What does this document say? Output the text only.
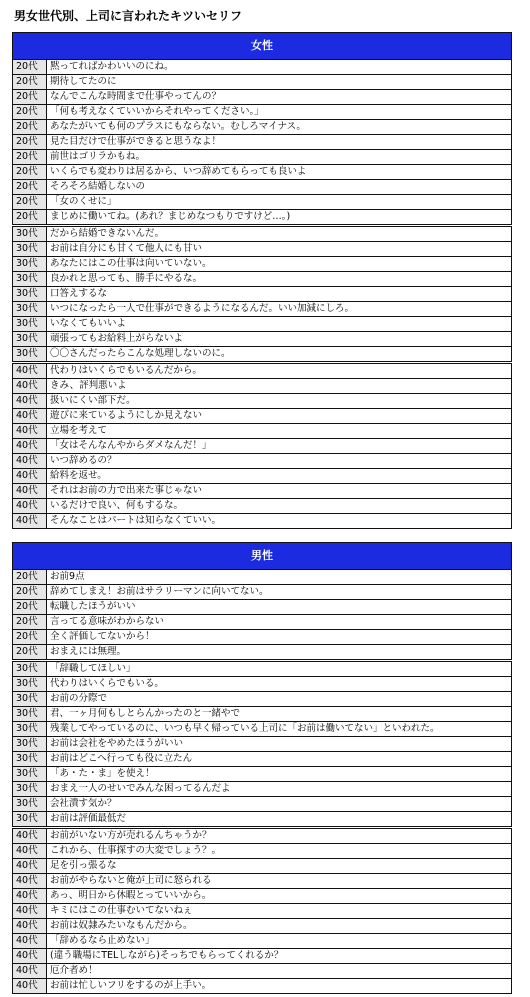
男女世代別、上司に言われたキツいセリフ
女性	
20代	黙ってればかわいいのにね。
20代	期待してたのに
20代	なんでこんな時間まで仕事やってんの？
20代	「何も考えなくていいからそれやってください。」
20代	あなたがいても何のプラスにもならない。むしろマイナス。
20代	見た目だけで仕事ができると思うなよ！
20代	前世はゴリラかもね。
20代	いくらでも変わりは居るから、いつ辞めてもらっても良いよ
20代	そろそろ結婚しないの
20代	「女のくせに」
20代	まじめに働いてね。(あれ？まじめなつもりですけど…。)
30代	だから結婚できないんだ。
30代	お前は自分にも甘くて他人にも甘い
30代	あなたにはこの仕事は向いていない。
30代	良かれと思っても、勝手にやるな。
30代	口答えするな
30代	いつになったら一人で仕事ができるようになるんだ。いい加減にしろ。
30代	いなくてもいいよ
30代	頑張ってもお給料上がらないよ
30代	〇〇さんだったらこんな処理しないのに。
40代	代わりはいくらでもいるんだから。
40代	きみ、評判悪いよ
40代	扱いにくい部下だ。
40代	遊びに来ているようにしか見えない
40代	立場を考えて
40代	「女はそんなんやからダメなんだ！」
40代	いつ辞めるの？
40代	給料を返せ。
40代	それはお前の力で出来た事じゃない
40代	いるだけで良い、何もするな。
40代	そんなことはパートは知らなくていい。
男性	
20代	お前9点
20代	辞めてしまえ！お前はサラリーマンに向いてない。
20代	転職したほうがいい
20代	言ってる意味がわからない
20代	全く評価してないから！
20代	おまえには無理。
30代	「辞職してほしい」
30代	代わりはいくらでもいる。
30代	お前の分際で
30代	君、一ヶ月何もしとらんかったのと一緒やで
30代	残業してやっているのに、いつも早く帰っている上司に「お前は働いてない」といわれた。
30代	お前は会社をやめたほうがいい
30代	お前はどこへ行っても役に立たん
30代	「あ・た・ま」を使え！
30代	おまえ一人のせいでみんな困ってるんだよ
30代	会社潰す気か？
30代	お前は評価最低だ
40代	お前がいない方が売れるんちゃうか？
40代	これから、仕事探すの大変でしょう？。
40代	足を引っ張るな
40代	お前がやらないと俺が上司に怒られる
40代	あっ、明日から休暇とっていいから。
40代	キミにはこの仕事むいてないねぇ
40代	お前は奴隷みたいなもんだから。
40代	「辞めるなら止めない」
40代	(違う職場にTELしながら)そっちでもらってくれるか？
40代	厄介者め！
40代	お前は忙しいフリをするのが上手い。
